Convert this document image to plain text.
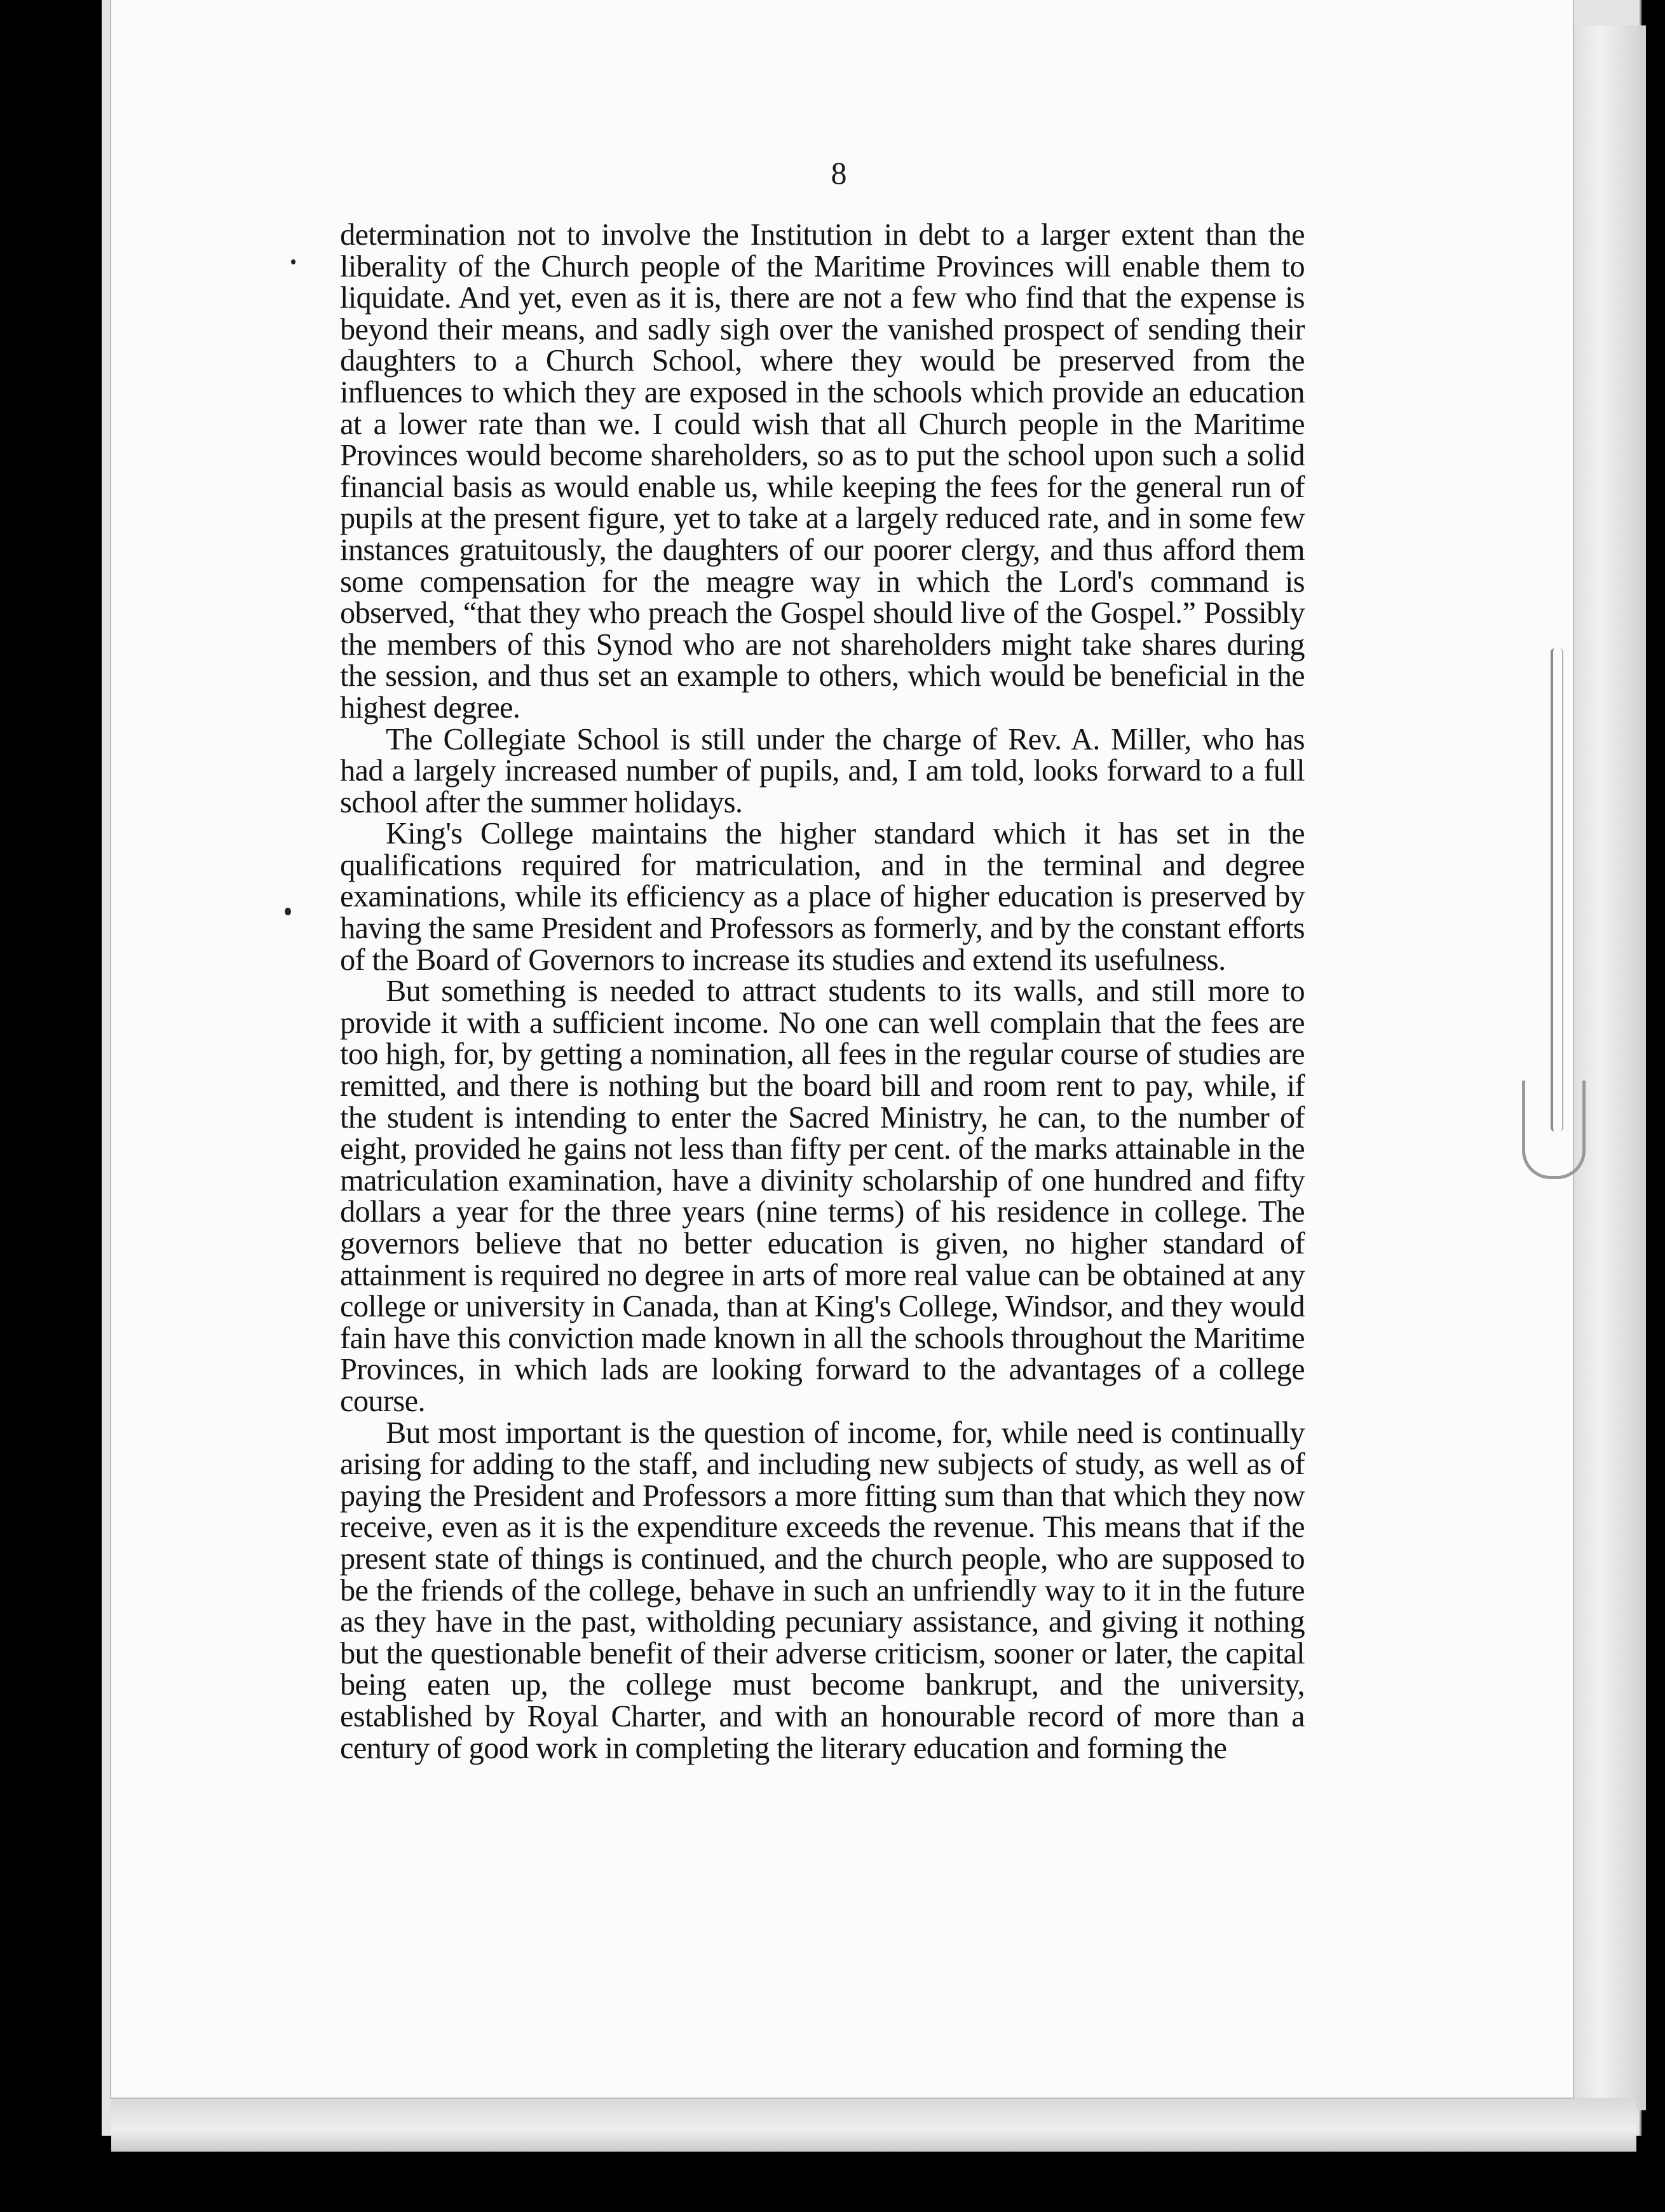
8

determination not to involve the Institution in debt to a larger extent than the liberality of the Church people of the Maritime Provinces will enable them to liquidate. And yet, even as it is, there are not a few who find that the expense is beyond their means, and sadly sigh over the vanished prospect of sending their daughters to a Church School, where they would be preserved from the influences to which they are exposed in the schools which provide an education at a lower rate than we. I could wish that all Church people in the Maritime Provinces would become shareholders, so as to put the school upon such a solid financial basis as would enable us, while keeping the fees for the general run of pupils at the present figure, yet to take at a largely reduced rate, and in some few instances gratuitously, the daughters of our poorer clergy, and thus afford them some compensation for the meagre way in which the Lord's command is observed, “that they who preach the Gospel should live of the Gospel.” Possibly the members of this Synod who are not shareholders might take shares during the session, and thus set an example to others, which would be beneficial in the highest degree.

The Collegiate School is still under the charge of Rev. A. Miller, who has had a largely increased number of pupils, and, I am told, looks forward to a full school after the summer holidays.

King's College maintains the higher standard which it has set in the qualifications required for matriculation, and in the terminal and degree examinations, while its efficiency as a place of higher education is preserved by having the same President and Professors as formerly, and by the constant efforts of the Board of Governors to increase its studies and extend its usefulness.

But something is needed to attract students to its walls, and still more to provide it with a sufficient income. No one can well complain that the fees are too high, for, by getting a nomination, all fees in the regular course of studies are remitted, and there is nothing but the board bill and room rent to pay, while, if the student is intending to enter the Sacred Ministry, he can, to the number of eight, provided he gains not less than fifty per cent. of the marks attainable in the matriculation examination, have a divinity scholarship of one hundred and fifty dollars a year for the three years (nine terms) of his residence in college. The governors believe that no better education is given, no higher standard of attainment is required no degree in arts of more real value can be obtained at any college or university in Canada, than at King's College, Windsor, and they would fain have this conviction made known in all the schools throughout the Maritime Provinces, in which lads are looking forward to the advantages of a college course.

But most important is the question of income, for, while need is continually arising for adding to the staff, and including new subjects of study, as well as of paying the President and Professors a more fitting sum than that which they now receive, even as it is the expenditure exceeds the revenue. This means that if the present state of things is continued, and the church people, who are supposed to be the friends of the college, behave in such an unfriendly way to it in the future as they have in the past, witholding pecuniary assistance, and giving it nothing but the questionable benefit of their adverse criticism, sooner or later, the capital being eaten up, the college must become bankrupt, and the university, established by Royal Charter, and with an honourable record of more than a century of good work in completing the literary education and forming the
